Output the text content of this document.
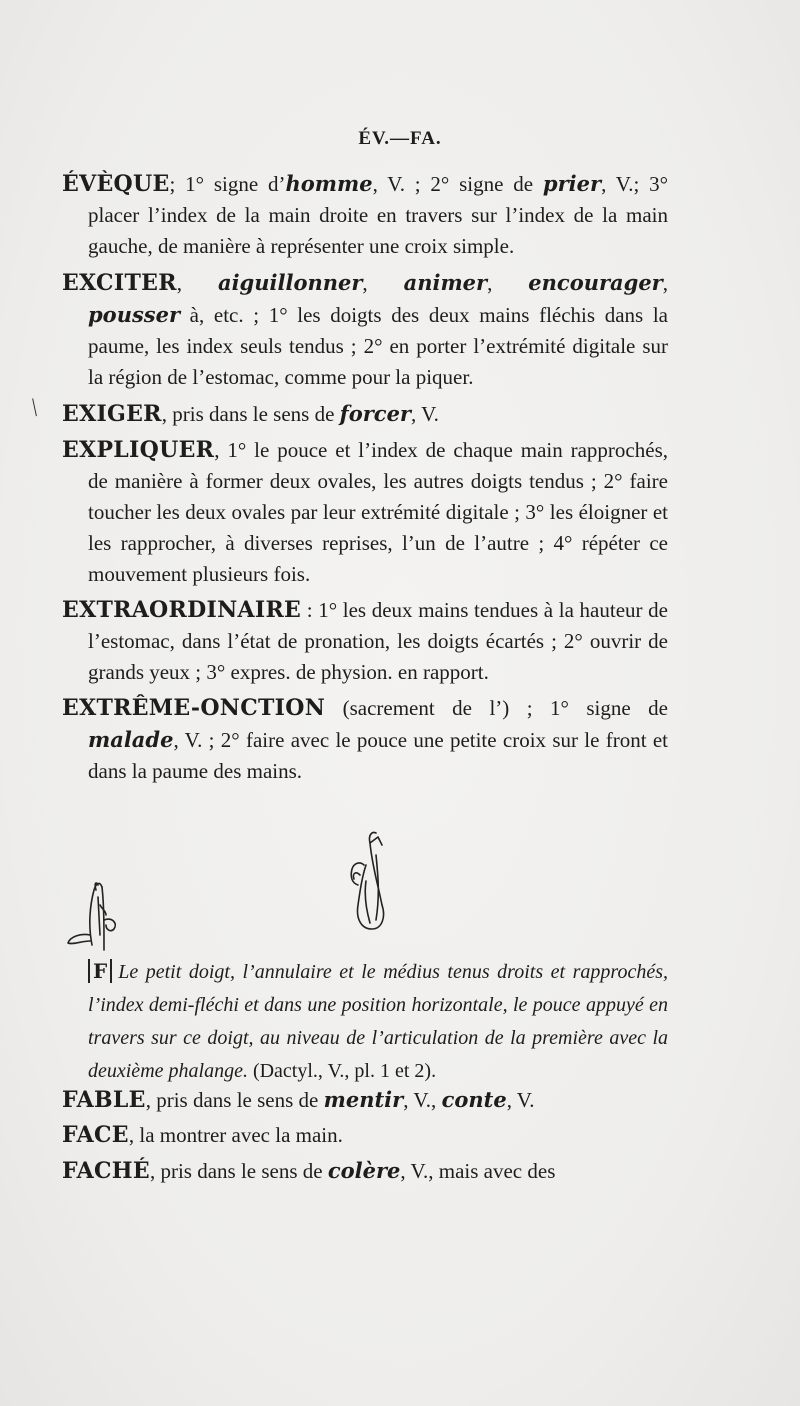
ÉV.—FA.

ÉVÈQUE; 1° signe d’homme, V. ; 2° signe de prier, V.; 3° placer l’index de la main droite en travers sur l’index de la main gauche, de manière à représenter une croix simple.

EXCITER, aiguillonner, animer, encourager, pousser à, etc. ; 1° les doigts des deux mains fléchis dans la paume, les index seuls tendus ; 2° en porter l’extrémité digitale sur la région de l’estomac, comme pour la piquer.

EXIGER, pris dans le sens de forcer, V.

EXPLIQUER, 1° le pouce et l’index de chaque main rapprochés, de manière à former deux ovales, les autres doigts tendus ; 2° faire toucher les deux ovales par leur extrémité digitale ; 3° les éloigner et les rapprocher, à diverses reprises, l’un de l’autre ; 4° répéter ce mouvement plusieurs fois.

EXTRAORDINAIRE : 1° les deux mains tendues à la hauteur de l’estomac, dans l’état de pronation, les doigts écartés ; 2° ouvrir de grands yeux ; 3° expres. de physion. en rapport.

EXTRÊME-ONCTION (sacrement de l’) ; 1° signe de malade, V. ; 2° faire avec le pouce une petite croix sur le front et dans la paume des mains.

F Le petit doigt, l’annulaire et le médius tenus droits et rapprochés, l’index demi-fléchi et dans une position horizontale, le pouce appuyé en travers sur ce doigt, au niveau de l’articulation de la première avec la deuxième phalange. (Dactyl., V., pl. 1 et 2).

FABLE, pris dans le sens de mentir, V., conte, V.

FACE, la montrer avec la main.

FACHÉ, pris dans le sens de colère, V., mais avec des
